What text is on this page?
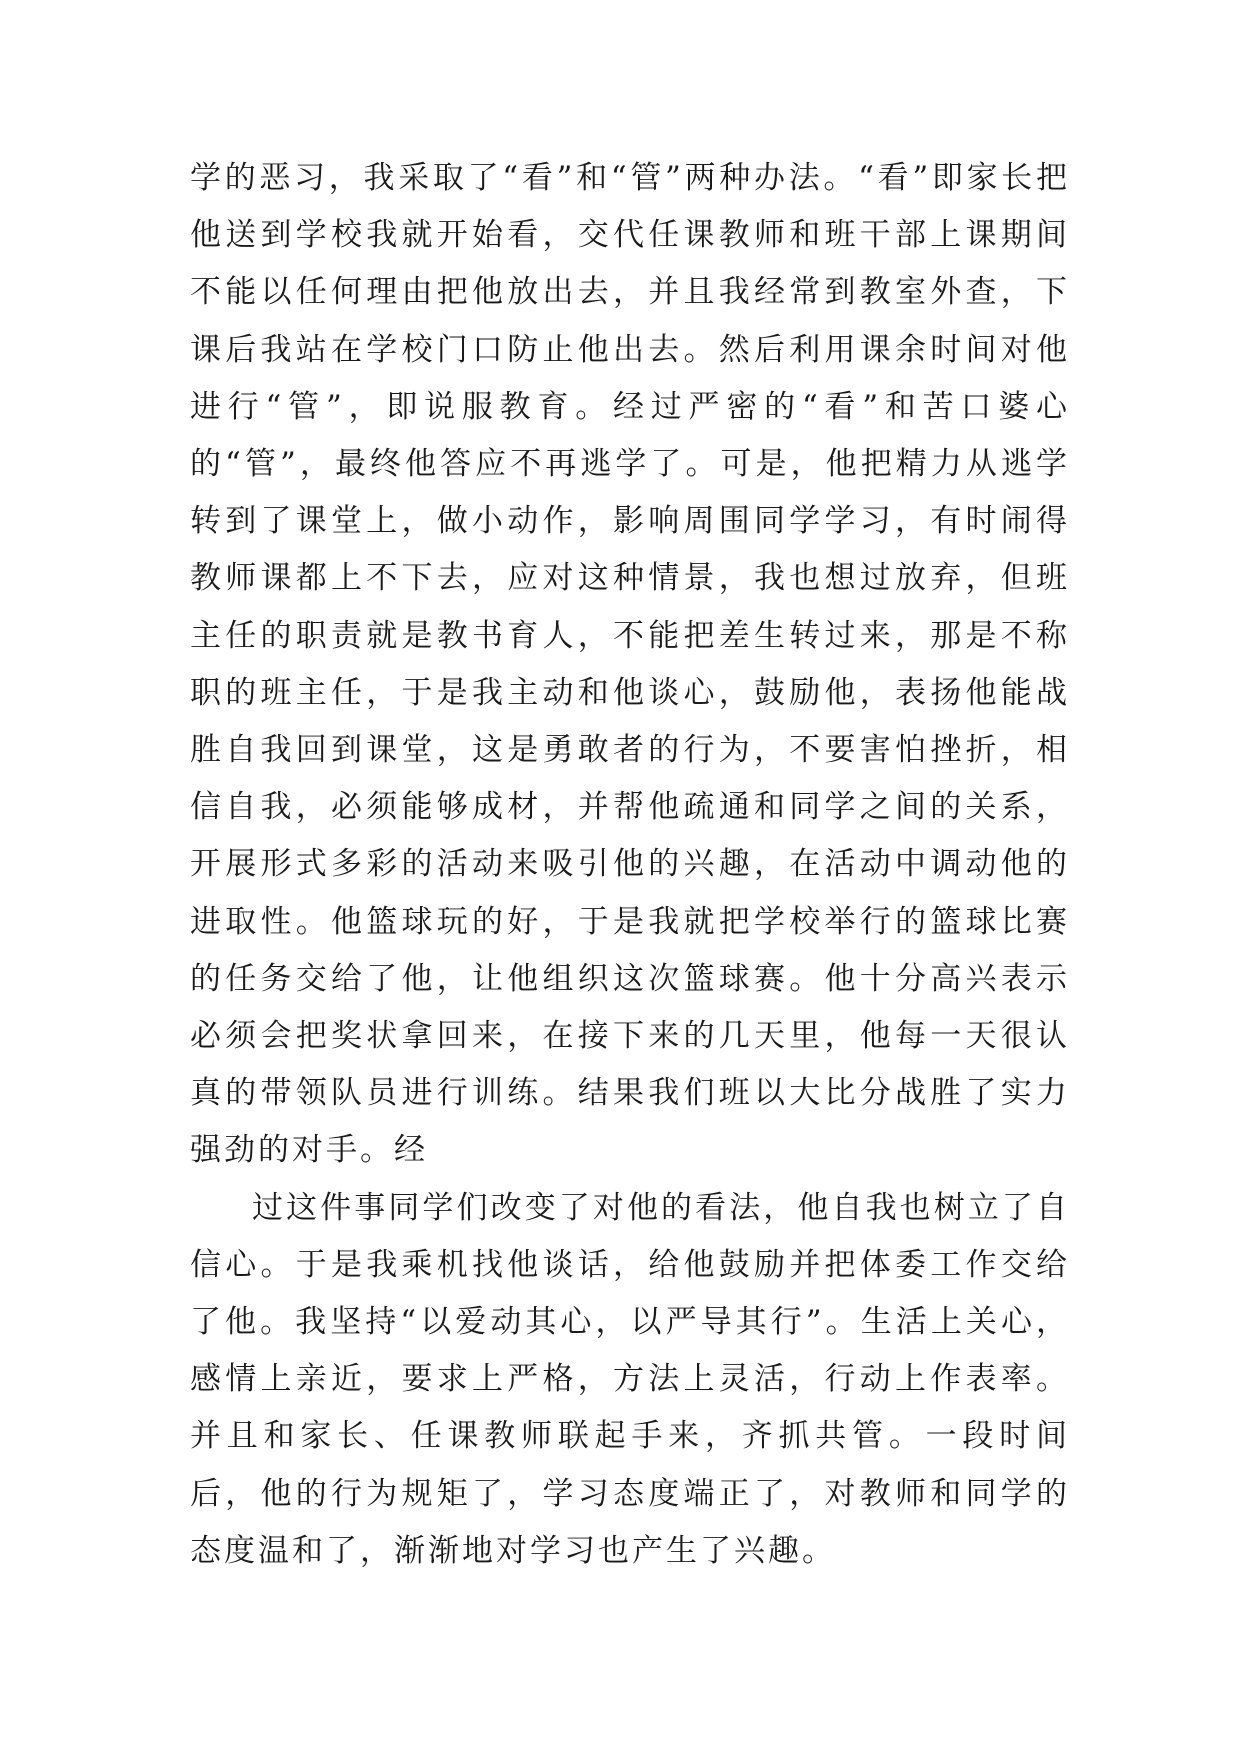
学的恶习，我采取了“看”和“管”两种办法。“看”即家长把他送到学校我就开始看，交代任课教师和班干部上课期间不能以任何理由把他放出去，并且我经常到教室外查，下课后我站在学校门口防止他出去。然后利用课余时间对他进行“管”，即说服教育。经过严密的“看”和苦口婆心的“管”，最终他答应不再逃学了。可是，他把精力从逃学转到了课堂上，做小动作，影响周围同学学习，有时闹得教师课都上不下去，应对这种情景，我也想过放弃，但班主任的职责就是教书育人，不能把差生转过来，那是不称职的班主任，于是我主动和他谈心，鼓励他，表扬他能战胜自我回到课堂，这是勇敢者的行为，不要害怕挫折，相信自我，必须能够成材，并帮他疏通和同学之间的关系，开展形式多彩的活动来吸引他的兴趣，在活动中调动他的进取性。他篮球玩的好，于是我就把学校举行的篮球比赛的任务交给了他，让他组织这次篮球赛。他十分高兴表示必须会把奖状拿回来，在接下来的几天里，他每一天很认真的带领队员进行训练。结果我们班以大比分战胜了实力强劲的对手。经

过这件事同学们改变了对他的看法，他自我也树立了自信心。于是我乘机找他谈话，给他鼓励并把体委工作交给了他。我坚持“以爱动其心，以严导其行”。生活上关心，感情上亲近，要求上严格，方法上灵活，行动上作表率。并且和家长、任课教师联起手来，齐抓共管。一段时间后，他的行为规矩了，学习态度端正了，对教师和同学的态度温和了，渐渐地对学习也产生了兴趣。
